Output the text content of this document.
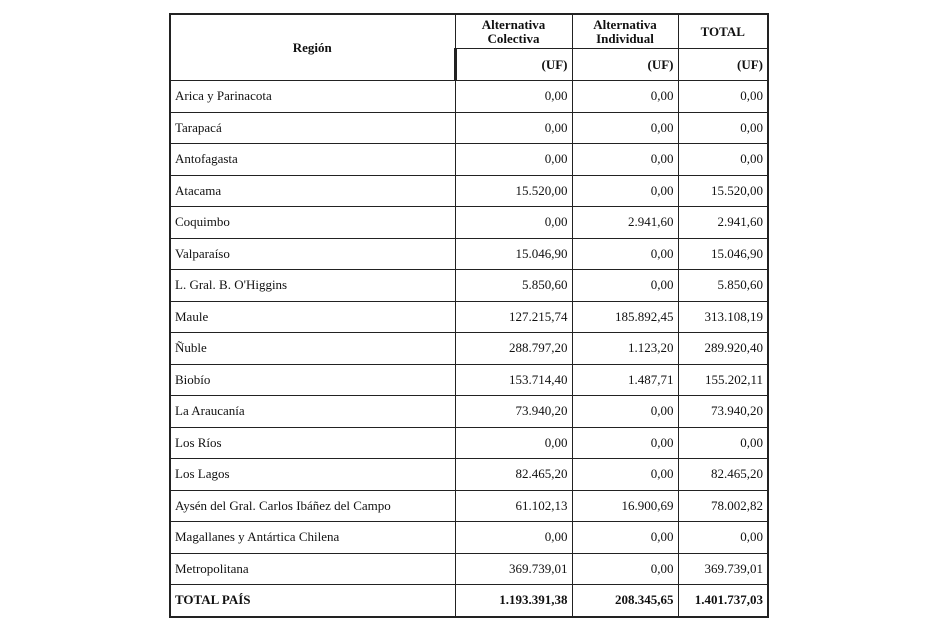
Región	Alternativa Colectiva	Alternativa Individual	TOTAL
	(UF)	(UF)	(UF)
Arica y Parinacota	0,00	0,00	0,00
Tarapacá	0,00	0,00	0,00
Antofagasta	0,00	0,00	0,00
Atacama	15.520,00	0,00	15.520,00
Coquimbo	0,00	2.941,60	2.941,60
Valparaíso	15.046,90	0,00	15.046,90
L. Gral. B. O'Higgins	5.850,60	0,00	5.850,60
Maule	127.215,74	185.892,45	313.108,19
Ñuble	288.797,20	1.123,20	289.920,40
Biobío	153.714,40	1.487,71	155.202,11
La Araucanía	73.940,20	0,00	73.940,20
Los Ríos	0,00	0,00	0,00
Los Lagos	82.465,20	0,00	82.465,20
Aysén del Gral. Carlos Ibáñez del Campo	61.102,13	16.900,69	78.002,82
Magallanes y Antártica Chilena	0,00	0,00	0,00
Metropolitana	369.739,01	0,00	369.739,01
TOTAL PAÍS	1.193.391,38	208.345,65	1.401.737,03
